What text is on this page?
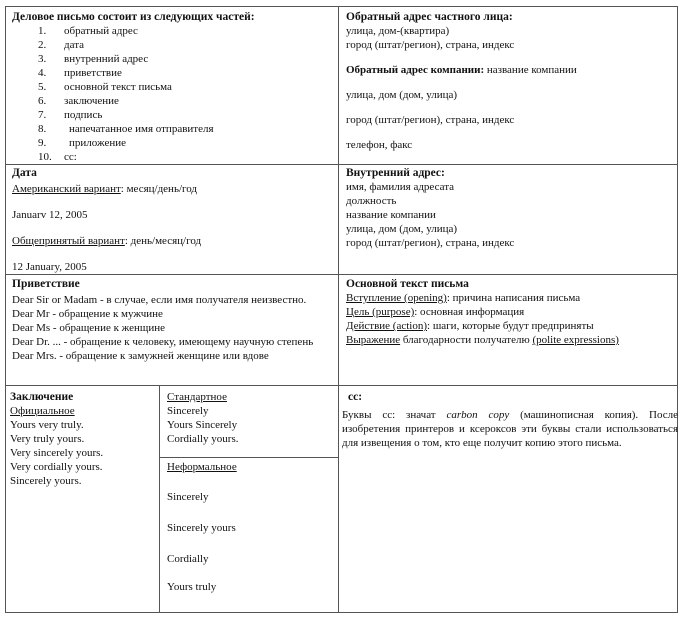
Деловое письмо состоит из следующих частей:
1. обратный адрес
2. дата
3. внутренний адрес
4. приветствие
5. основной текст письма
6. заключение
7. подпись
8. напечатанное имя отправителя
9. приложение
10. cc:
Обратный адрес частного лица:
улица, дом-(квартира)
город (штат/регион), страна, индекс
Обратный адрес компании: название компании
улица, дом (дом, улица)
город (штат/регион), страна, индекс
телефон, факс
Дата
Американский вариант: месяц/день/год
Januarv 12, 2005
Общепринятый вариант: день/месяц/год
12 January, 2005
Внутренний адрес:
имя, фамилия адресата
должность
название компании
улица, дом (дом, улица)
город (штат/регион), страна, индекс
Приветствие
Dear Sir or Madam - в случае, если имя получателя неизвестно.
Dear Mr - обращение к мужчине
Dear Ms - обращение к женщине
Dear Dr. ... - обращение к человеку, имеющему научную степень
Dear Mrs. - обращение к замужней женщине или вдове
Основной текст письма
Вступление (opening): причина написания письма
Цель (purpose): основная информация
Действие (action): шаги, которые будут предприняты
Выражение благодарности получателю (polite expressions)
Заключение
Официальное
Yours very truly.
Very truly yours.
Very sincerely yours.
Very cordially yours.
Sincerely yours.
Стандартное
Sincerely
Yours Sincerely
Cordially yours.
Неформальное
Sincerely
Sincerely yours
Cordially
Yours truly
cc:
Буквы сс: значат carbon copy (машинописная копия). После изобретения принтеров и ксероксов эти буквы стали использоваться для извещения о том, кто еще получит копию этого письма.
